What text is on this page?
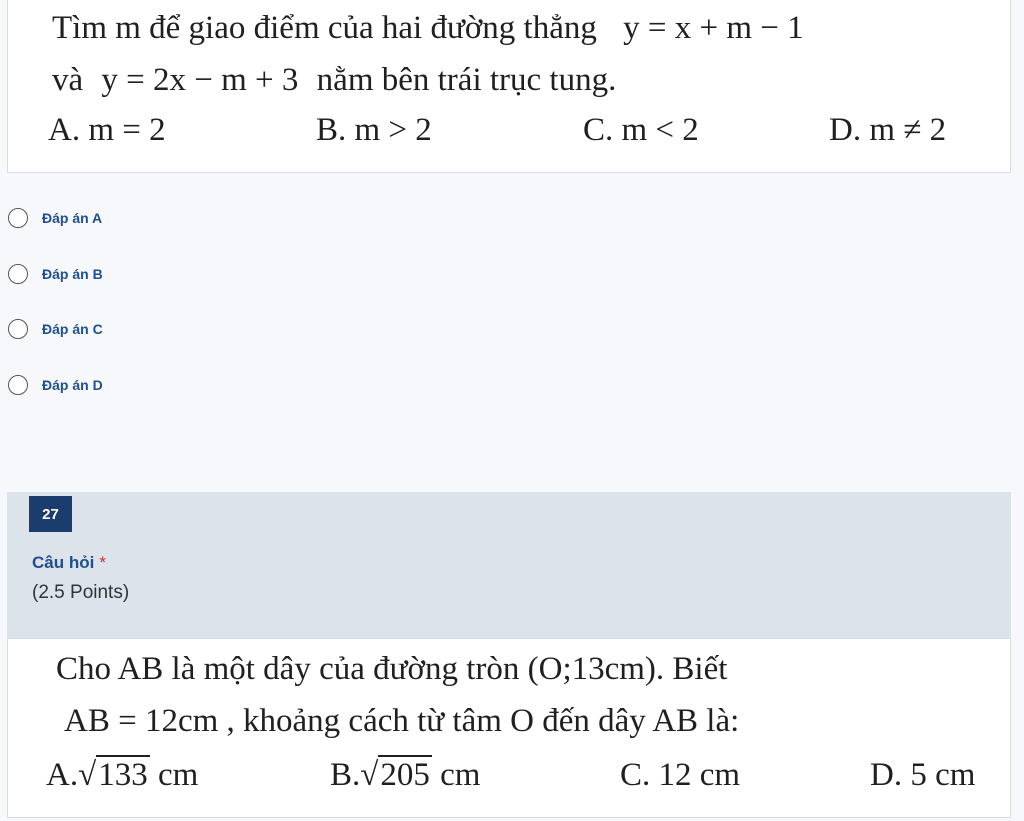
Tìm m để giao điểm của hai đường thẳng y = x + m − 1
và y = 2x − m + 3 nằm bên trái trục tung.
A. m = 2	B. m > 2	C. m < 2	D. m ≠ 2
Đáp án A
Đáp án B
Đáp án C
Đáp án D
27
Câu hỏi *
(2.5 Points)
Cho AB là một dây của đường tròn (O;13cm). Biết
AB = 12cm , khoảng cách từ tâm O đến dây AB là:
A.√133 cm	B.√205 cm	C. 12 cm	D. 5 cm
